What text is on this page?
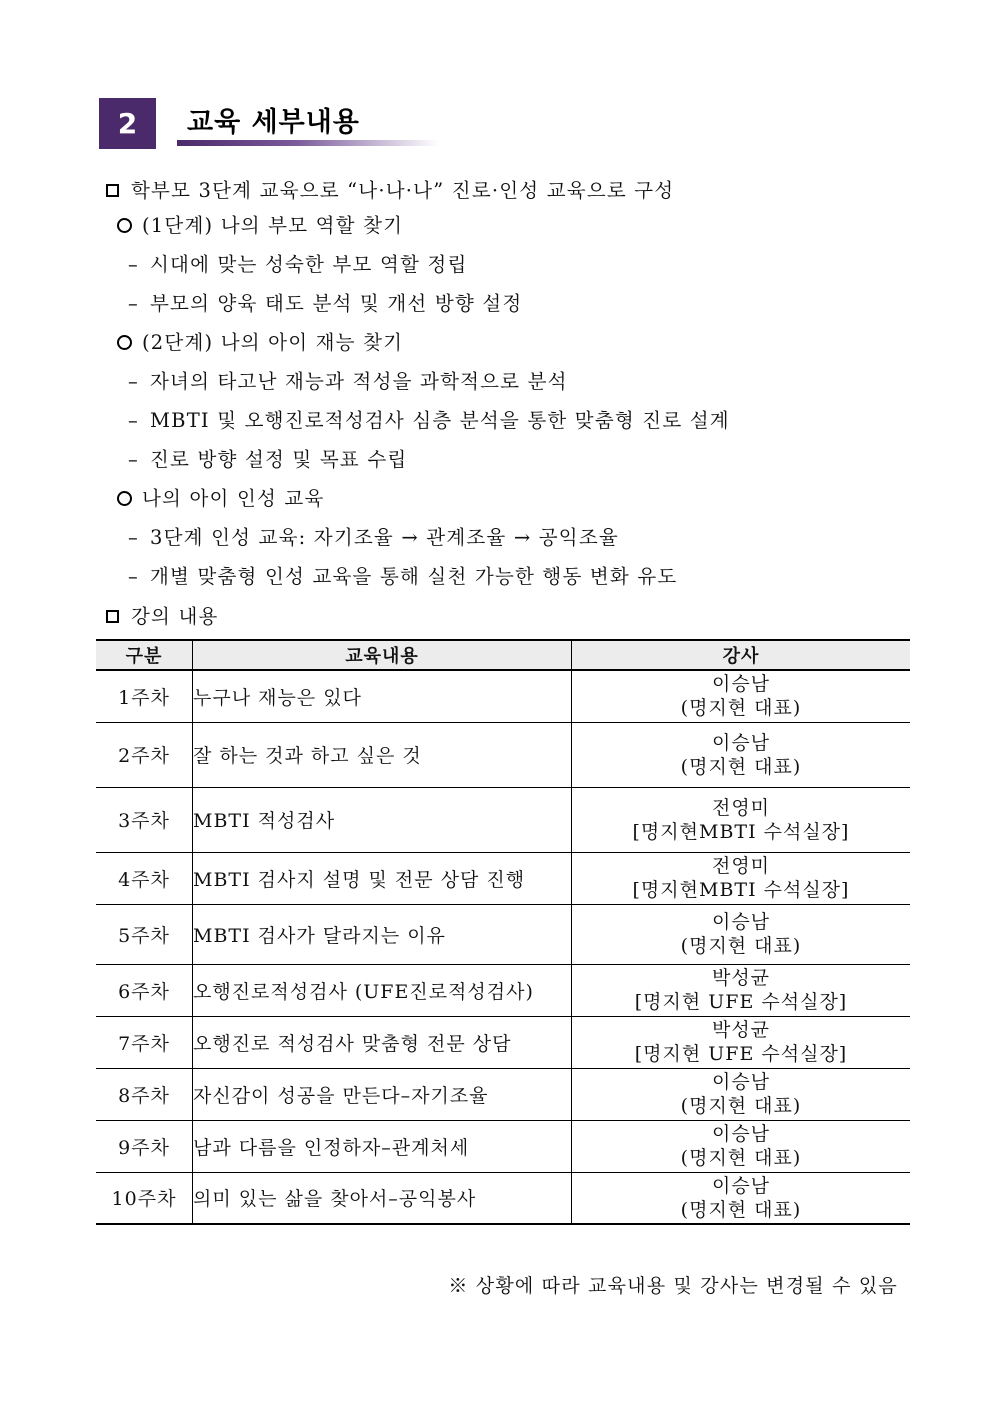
2	교육 세부내용
학부모 3단계 교육으로 “나·나·나” 진로·인성 교육으로 구성
(1단계) 나의 부모 역할 찾기
– 시대에 맞는 성숙한 부모 역할 정립
– 부모의 양육 태도 분석 및 개선 방향 설정
(2단계) 나의 아이 재능 찾기
– 자녀의 타고난 재능과 적성을 과학적으로 분석
– MBTI 및 오행진로적성검사 심층 분석을 통한 맞춤형 진로 설계
– 진로 방향 설정 및 목표 수립
나의 아이 인성 교육
– 3단계 인성 교육: 자기조율 → 관계조율 → 공익조율
– 개별 맞춤형 인성 교육을 통해 실천 가능한 행동 변화 유도
강의 내용
구분	교육내용	강사
1주차	누구나 재능은 있다	이승남
(명지현 대표)

2주차	잘 하는 것과 하고 싶은 것	이승남
(명지현 대표)

3주차	MBTI 적성검사	전영미
[명지현MBTI 수석실장]

4주차	MBTI 검사지 설명 및 전문 상담 진행	전영미
[명지현MBTI 수석실장]

5주차	MBTI 검사가 달라지는 이유	이승남
(명지현 대표)

6주차	오행진로적성검사 (UFE진로적성검사)	박성균
[명지현 UFE 수석실장]

7주차	오행진로 적성검사 맞춤형 전문 상담	박성균
[명지현 UFE 수석실장]

8주차	자신감이 성공을 만든다–자기조율	이승남
(명지현 대표)

9주차	남과 다름을 인정하자–관계처세	이승남
(명지현 대표)

10주차	의미 있는 삶을 찾아서–공익봉사	이승남
(명지현 대표)
※ 상황에 따라 교육내용 및 강사는 변경될 수 있음
